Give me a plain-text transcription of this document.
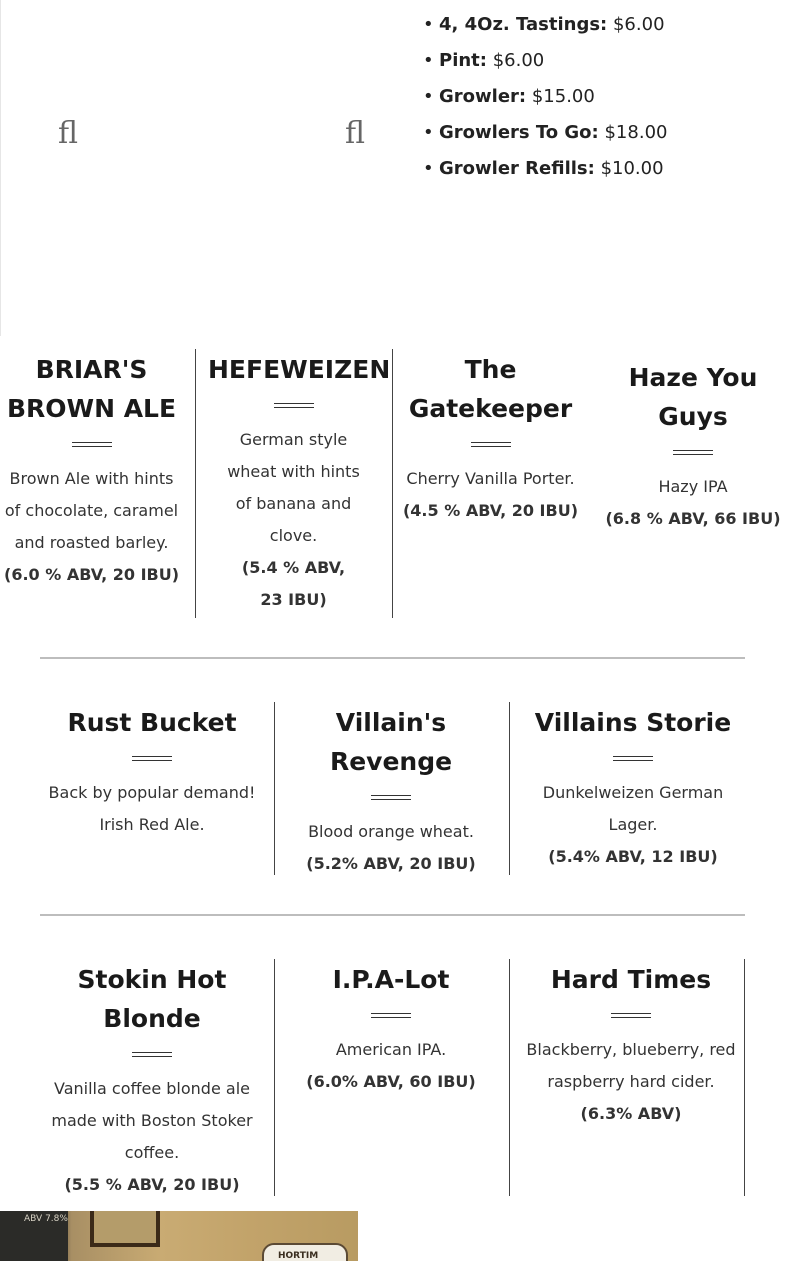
ﬂ	ﬂ
• 4, 4Oz. Tastings: $6.00
• Pint: $6.00
• Growler: $15.00
• Growlers To Go: $18.00
• Growler Refills: $10.00
BRIAR'S BROWN ALE

Brown Ale with hints of chocolate, caramel and roasted barley.

(6.0 % ABV, 20 IBU)

HEFEWEIZEN

German style wheat with hints of banana and clove.

(5.4 % ABV, 23 IBU)

The Gatekeeper

Cherry Vanilla Porter.

(4.5 % ABV, 20 IBU)

Haze You Guys

Hazy IPA

(6.8 % ABV, 66 IBU)

Rust Bucket

Back by popular demand! Irish Red Ale.

Villain's Revenge

Blood orange wheat.

(5.2% ABV, 20 IBU)

Villains Storie

Dunkelweizen German Lager.

(5.4% ABV, 12 IBU)

Stokin Hot Blonde

Vanilla coffee blonde ale made with Boston Stoker coffee.

(5.5 % ABV, 20 IBU)

I.P.A-Lot

American IPA.

(6.0% ABV, 60 IBU)

Hard Times

Blackberry, blueberry, red raspberry hard cider.

(6.3% ABV)

ABV 7.8%
HORTIM
